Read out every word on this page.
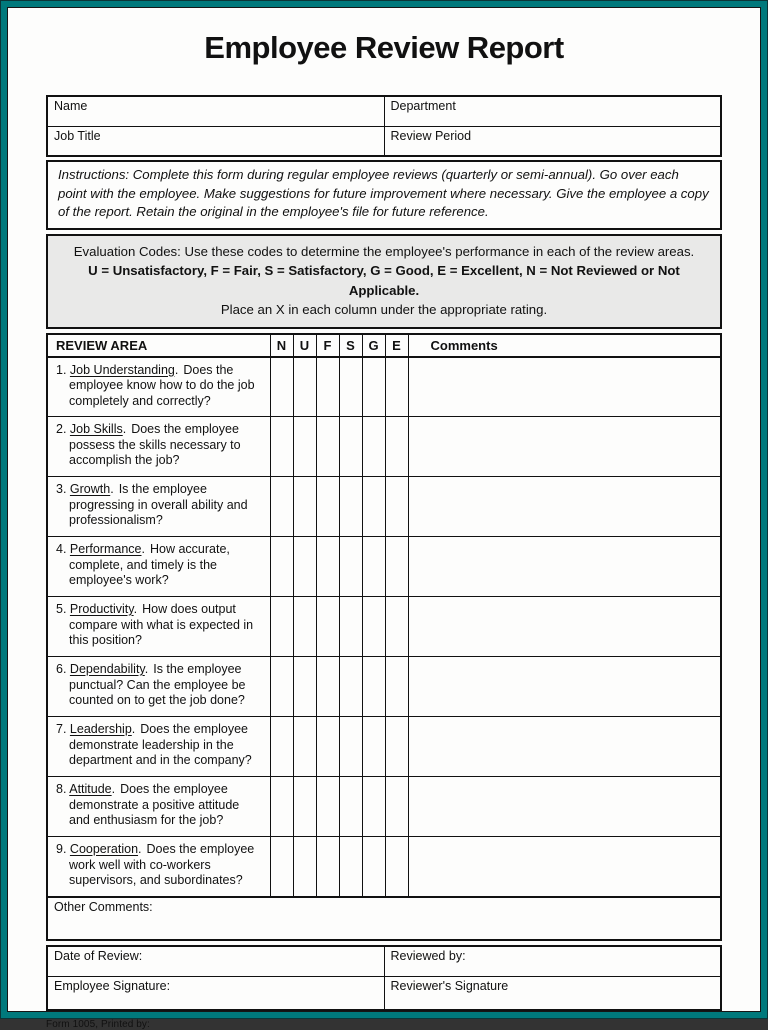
Employee Review Report
Name	Department
Job Title	Review Period
Instructions: Complete this form during regular employee reviews (quarterly or semi-annual). Go over each point with the employee. Make suggestions for future improvement where necessary. Give the employee a copy of the report. Retain the original in the employee's file for future reference.
Evaluation Codes: Use these codes to determine the employee's performance in each of the review areas.
U = Unsatisfactory, F = Fair, S = Satisfactory, G = Good, E = Excellent, N = Not Reviewed or Not Applicable.
Place an X in each column under the appropriate rating.
REVIEW AREA	N	U	F	S	G	E	Comments

1. Job Understanding. Does the employee know how to do the job completely and correctly?							

2. Job Skills. Does the employee possess the skills necessary to accomplish the job?							

3. Growth. Is the employee progressing in overall ability and professionalism?							

4. Performance. How accurate, complete, and timely is the employee's work?							

5. Productivity. How does output compare with what is expected in this position?							

6. Dependability. Is the employee punctual? Can the employee be counted on to get the job done?							

7. Leadership. Does the employee demonstrate leadership in the department and in the company?							

8. Attitude. Does the employee demonstrate a positive attitude and enthusiasm for the job?							

9. Cooperation. Does the employee work well with co-workers supervisors, and subordinates?							

Other Comments:							
Date of Review:	Reviewed by:
Employee Signature:	Reviewer's Signature
Form 1005, Printed by:
